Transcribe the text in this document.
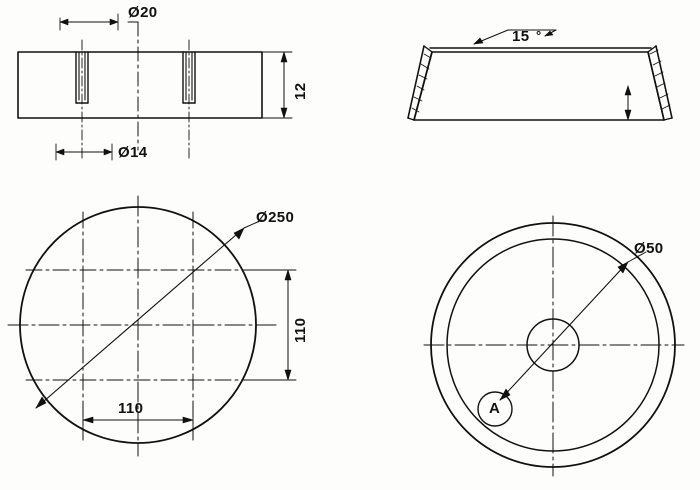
Ø20
Ø14
12
15 °
Ø250
110
110
Ø50
A
